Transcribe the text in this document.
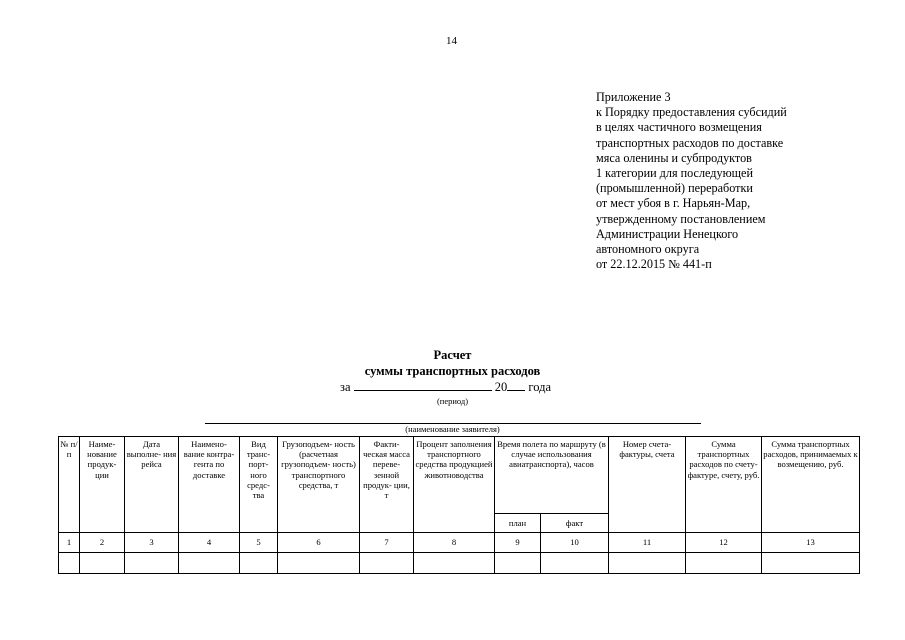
14
Приложение 3
к Порядку предоставления субсидий
в целях частичного возмещения
транспортных расходов по доставке
мяса оленины и субпродуктов
1 категории для последующей
(промышленной) переработки
от мест убоя в г. Нарьян-Мар,
утвержденному постановлением
Администрации Ненецкого
автономного округа
от 22.12.2015 № 441-п
Расчет
суммы транспортных расходов
за	20 года
(период)
(наименование заявителя)
№ п/п	Наиме- нование продук- ции	Дата выполне- ния рейса	Наимено- вание контра- гента по доставке	Вид транс- порт- ного средс- тва	Грузоподъем- ность (расчетная грузоподъем- ность) транспортного средства, т	Факти- ческая масса переве- зенной продук- ции, т	Процент заполнения транспортного средства продукцией животноводства	Время полета по маршруту (в случае использования авиатранспорта), часов		Номер счета- фактуры, счета	Сумма транспортных расходов по счету-фактуре, счету, руб.	Сумма транспортных расходов, принимаемых к возмещению, руб.
								план	факт			
1	2	3	4	5	6	7	8	9	10	11	12	13
